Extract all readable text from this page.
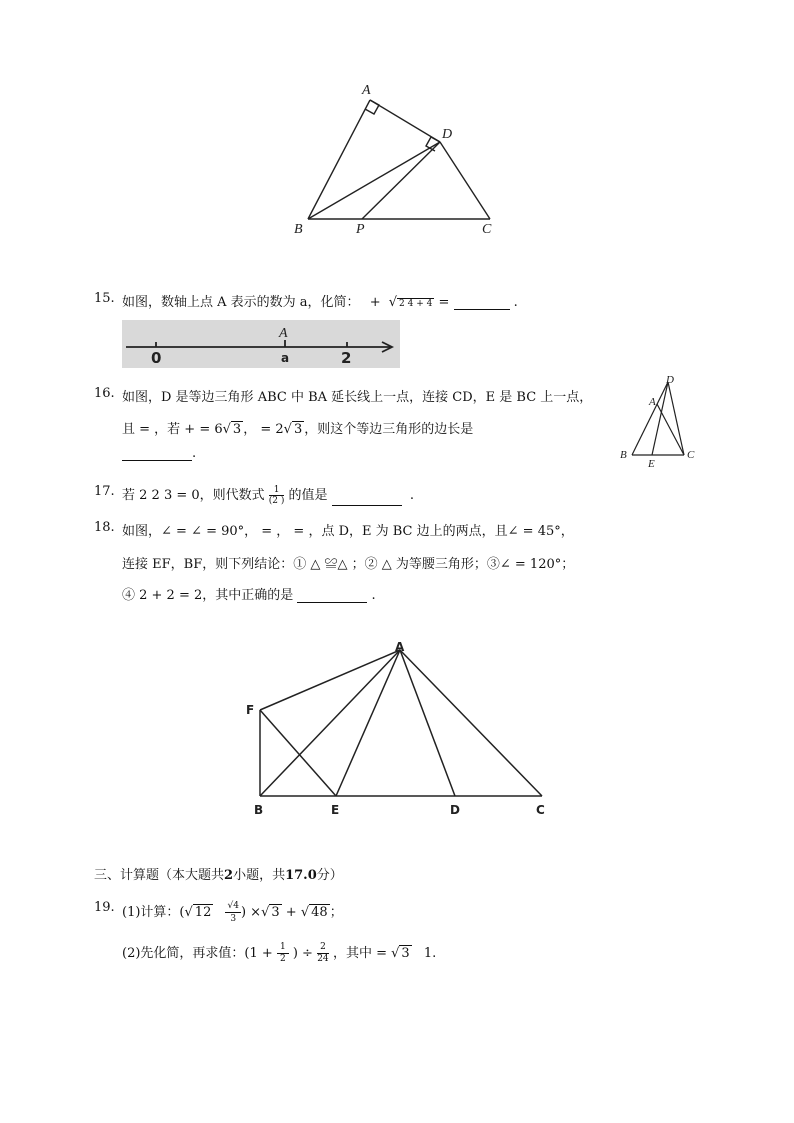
A
D
B	P	C
15. 如图，数轴上点 A 表示的数为 a，化简： + √ 2 4 + 4 =	.
A
a
0	2
16. 如图，D 是等边三角形 ABC 中 BA 延长线上一点，连接 CD，E 是 BC 上一点，
且 = ，若 + = 6√ 3 ， = 2√ 3 ，则这个等边三角形的边长是
.
D
A
B
E
C
17. 若 2 2 3 = 0，则代数式 $\frac{1}{(2 )}$ 的值是	.
18. 如图，∠ = ∠ = 90°， = ， = ，点 D，E 为 BC 边上的两点，且∠ = 45°，
连接 EF，BF，则下列结论：① △ ≌△ ；② △ 为等腰三角形；③∠ = 120°；
④ 2 + 2 = 2，其中正确的是	.
A
F
B	E	D	C
三、计算题（本大题共2小题，共17.0分）
19. (1)计算：(√ $12 \frac{√4}{3}$ ) ×√ 3 + √ 48 ；
(2)先化简，再求值：($1 + \frac{1}{2}$ ) ÷ $\frac{2}{24}$ ，其中 = √ 3 1.
